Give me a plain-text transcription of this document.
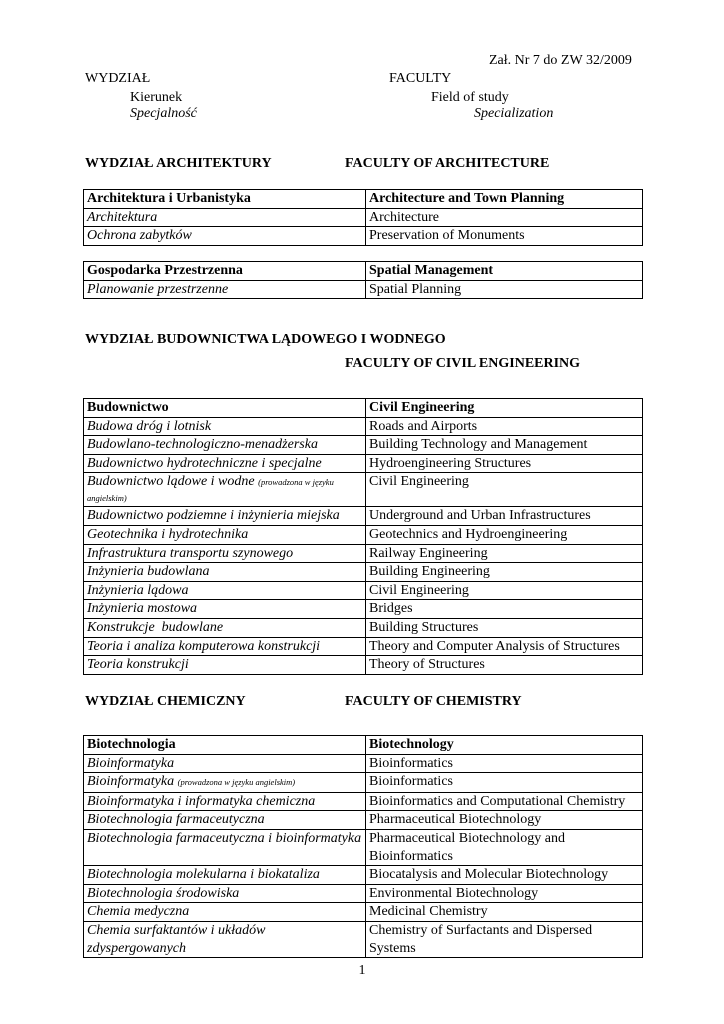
Zał. Nr 7 do ZW 32/2009
WYDZIAŁ
Kierunek
Specjalność
FACULTY
Field of study
Specialization
WYDZIAŁ ARCHITEKTURY	FACULTY OF ARCHITECTURE
Architektura i Urbanistyka	Architecture and Town Planning
Architektura	Architecture
Ochrona zabytków	Preservation of Monuments
Gospodarka Przestrzenna	Spatial Management
Planowanie przestrzenne	Spatial Planning
WYDZIAŁ BUDOWNICTWA LĄDOWEGO I WODNEGO
FACULTY OF CIVIL ENGINEERING
Budownictwo	Civil Engineering
Budowa dróg i lotnisk	Roads and Airports
Budowlano-technologiczno-menadżerska	Building Technology and Management
Budownictwo hydrotechniczne i specjalne	Hydroengineering Structures
Budownictwo lądowe i wodne (prowadzona w języku angielskim)	Civil Engineering
Budownictwo podziemne i inżynieria miejska	Underground and Urban Infrastructures
Geotechnika i hydrotechnika	Geotechnics and Hydroengineering
Infrastruktura transportu szynowego	Railway Engineering
Inżynieria budowlana	Building Engineering
Inżynieria lądowa	Civil Engineering
Inżynieria mostowa	Bridges
Konstrukcje  budowlane	Building Structures
Teoria i analiza komputerowa konstrukcji	Theory and Computer Analysis of Structures
Teoria konstrukcji	Theory of Structures
WYDZIAŁ CHEMICZNY	FACULTY OF CHEMISTRY
Biotechnologia	Biotechnology
Bioinformatyka	Bioinformatics
Bioinformatyka (prowadzona w języku angielskim)	Bioinformatics
Bioinformatyka i informatyka chemiczna	Bioinformatics and Computational Chemistry
Biotechnologia farmaceutyczna	Pharmaceutical Biotechnology
Biotechnologia farmaceutyczna i bioinformatyka	Pharmaceutical Biotechnology and Bioinformatics
Biotechnologia molekularna i biokataliza	Biocatalysis and Molecular Biotechnology
Biotechnologia środowiska	Environmental Biotechnology
Chemia medyczna	Medicinal Chemistry
Chemia surfaktantów i układów zdyspergowanych	Chemistry of Surfactants and Dispersed Systems
1
